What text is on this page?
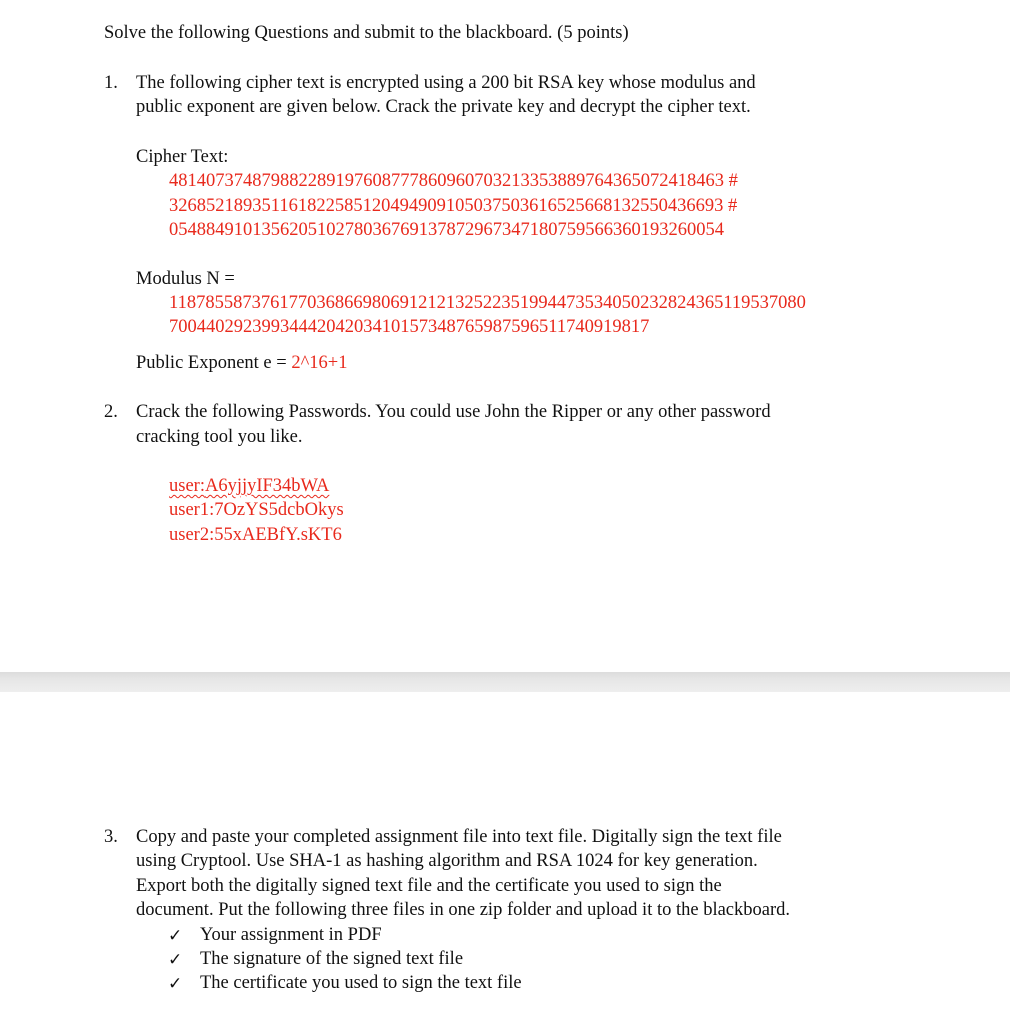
Solve the following Questions and submit to the blackboard. (5 points)

1. The following cipher text is encrypted using a 200 bit RSA key whose modulus and

public exponent are given below. Crack the private key and decrypt the cipher text.

Cipher Text:

481407374879882289197608777860960703213353889764365072418463 #

326852189351161822585120494909105037503616525668132550436693 #

054884910135620510278036769137872967347180759566360193260054

Modulus N =

118785587376177036866980691212132522351994473534050232824365119537080

7004402923993444204203410157348765987596511740919817

Public Exponent e = 2^16+1

2. Crack the following Passwords. You could use John the Ripper or any other password

cracking tool you like.

user:A6yjjyIF34bWA

user1:7OzYS5dcbOkys

user2:55xAEBfY.sKT6

3. Copy and paste your completed assignment file into text file. Digitally sign the text file

using Cryptool. Use SHA-1 as hashing algorithm and RSA 1024 for key generation.

Export both the digitally signed text file and the certificate you used to sign the

document. Put the following three files in one zip folder and upload it to the blackboard.

✓ Your assignment in PDF

✓ The signature of the signed text file

✓ The certificate you used to sign the text file
